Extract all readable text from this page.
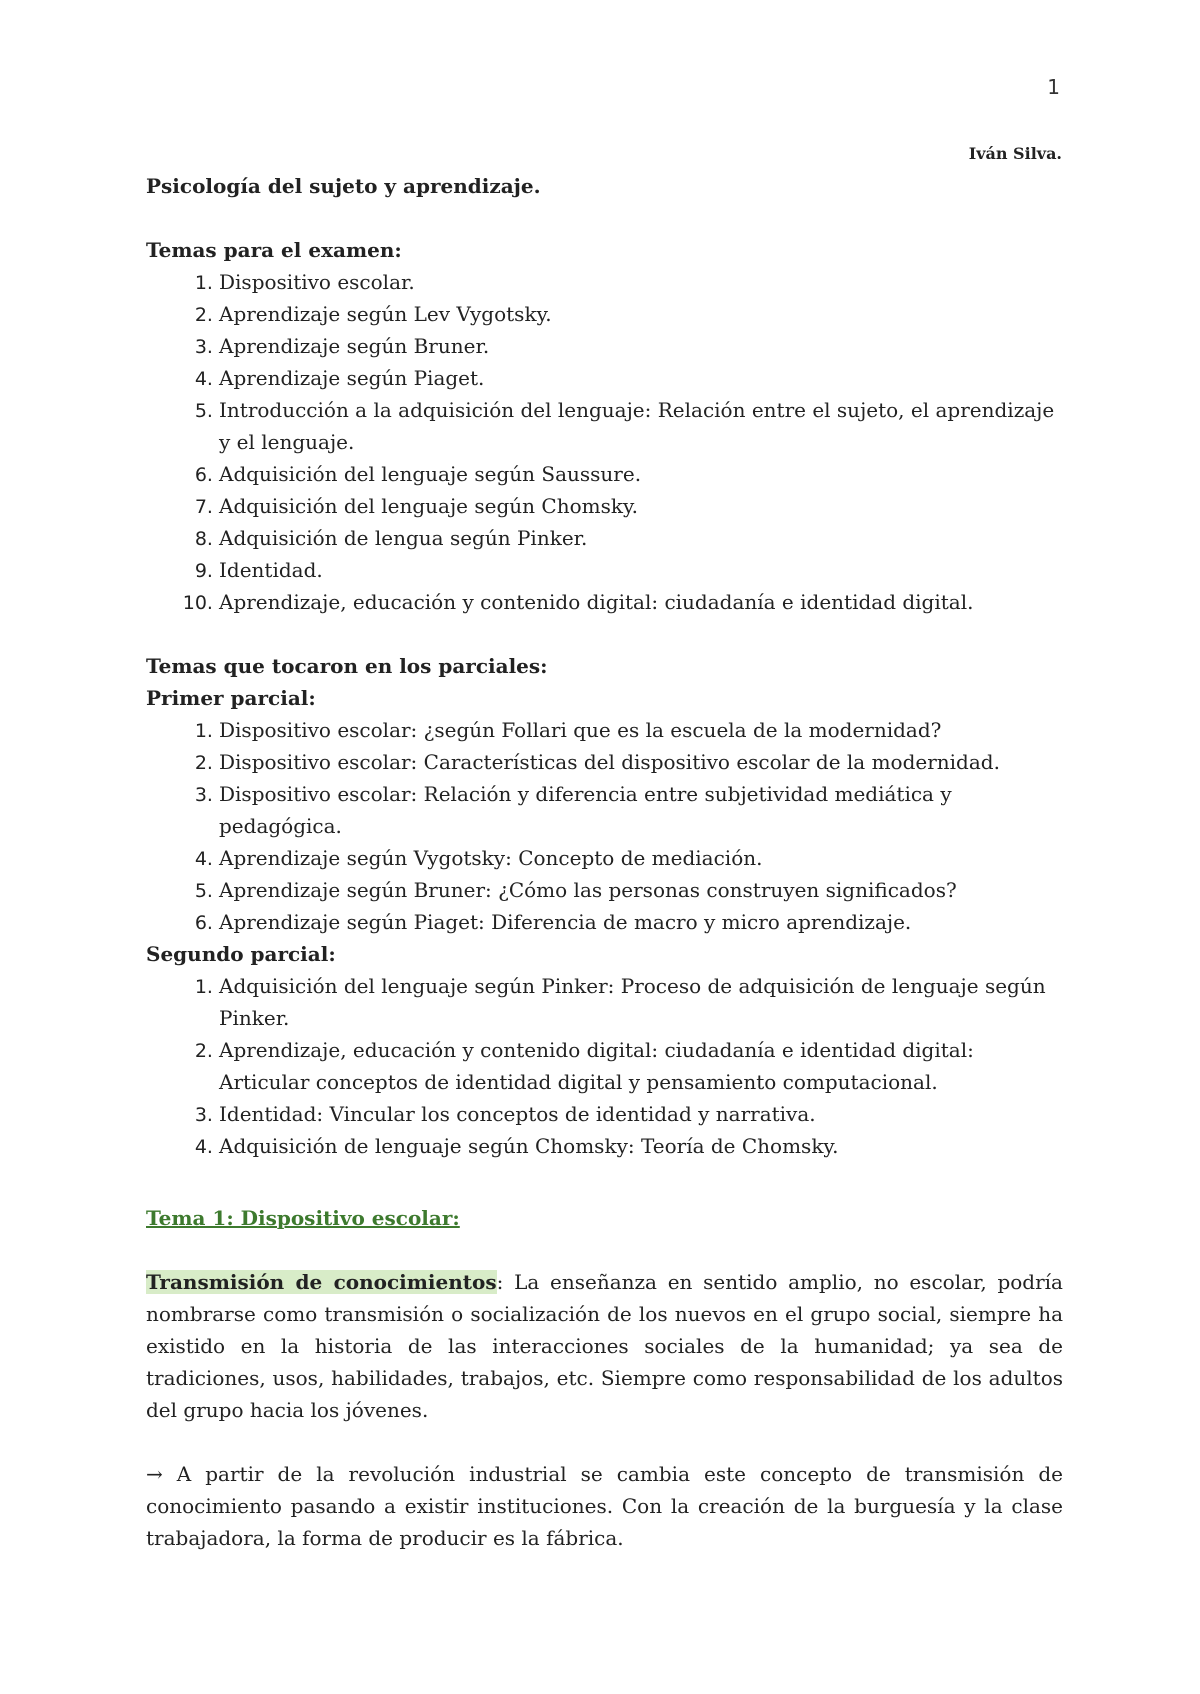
1
Iván Silva.

Psicología del sujeto y aprendizaje.

Temas para el examen:

1. Dispositivo escolar.
2. Aprendizaje según Lev Vygotsky.
3. Aprendizaje según Bruner.
4. Aprendizaje según Piaget.
5. Introducción a la adquisición del lenguaje: Relación entre el sujeto, el aprendizaje y el lenguaje.
6. Adquisición del lenguaje según Saussure.
7. Adquisición del lenguaje según Chomsky.
8. Adquisición de lengua según Pinker.
9. Identidad.
10. Aprendizaje, educación y contenido digital: ciudadanía e identidad digital.

Temas que tocaron en los parciales:

Primer parcial:

1. Dispositivo escolar: ¿según Follari que es la escuela de la modernidad?
2. Dispositivo escolar: Características del dispositivo escolar de la modernidad.
3. Dispositivo escolar: Relación y diferencia entre subjetividad mediática y pedagógica.
4. Aprendizaje según Vygotsky: Concepto de mediación.
5. Aprendizaje según Bruner: ¿Cómo las personas construyen significados?
6. Aprendizaje según Piaget: Diferencia de macro y micro aprendizaje.

Segundo parcial:

1. Adquisición del lenguaje según Pinker: Proceso de adquisición de lenguaje según Pinker.
2. Aprendizaje, educación y contenido digital: ciudadanía e identidad digital: Articular conceptos de identidad digital y pensamiento computacional.
3. Identidad: Vincular los conceptos de identidad y narrativa.
4. Adquisición de lenguaje según Chomsky: Teoría de Chomsky.

Tema 1: Dispositivo escolar:

Transmisión de conocimientos: La enseñanza en sentido amplio, no escolar, podría nombrarse como transmisión o socialización de los nuevos en el grupo social, siempre ha existido en la historia de las interacciones sociales de la humanidad; ya sea de tradiciones, usos, habilidades, trabajos, etc. Siempre como responsabilidad de los adultos del grupo hacia los jóvenes.

→ A partir de la revolución industrial se cambia este concepto de transmisión de conocimiento pasando a existir instituciones. Con la creación de la burguesía y la clase trabajadora, la forma de producir es la fábrica.
